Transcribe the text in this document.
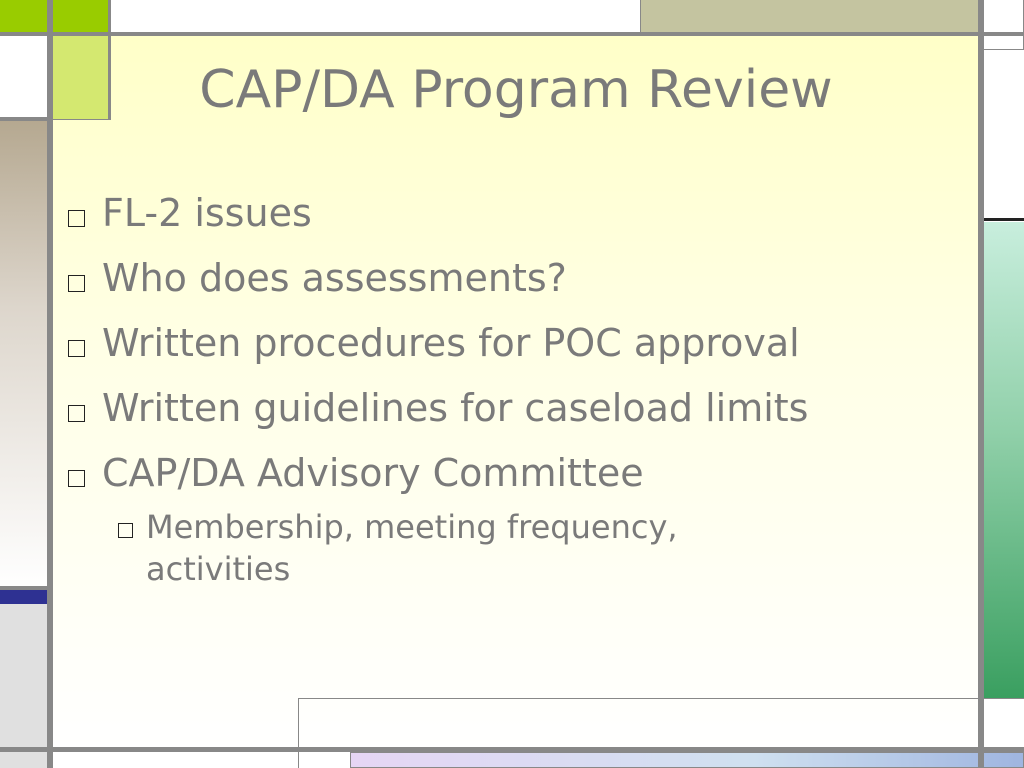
CAP/DA Program Review
FL-2 issues
Who does assessments?
Written procedures for POC approval
Written guidelines for caseload limits
CAP/DA Advisory Committee
Membership, meeting frequency, activities
